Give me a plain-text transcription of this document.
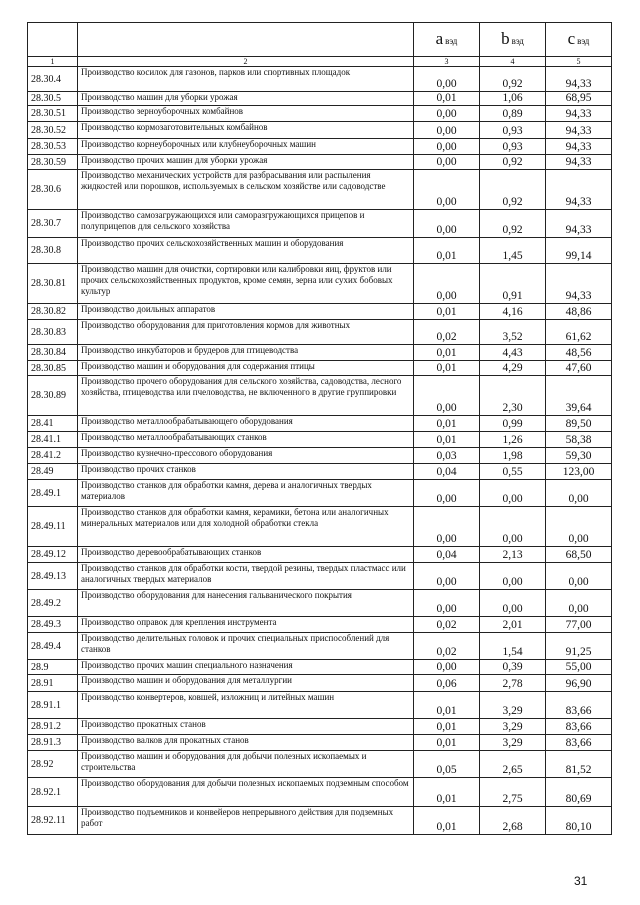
		a вэд	b вэд	c вэд
1	2	3	4	5
28.30.4	Производство косилок для газонов, парков или спортивных площадок	0,00	0,92	94,33
28.30.5	Производство машин для уборки урожая	0,01	1,06	68,95
28.30.51	Производство зерноуборочных комбайнов	0,00	0,89	94,33
28.30.52	Производство кормозаготовительных комбайнов	0,00	0,93	94,33
28.30.53	Производство корнеуборочных или клубнеуборочных машин	0,00	0,93	94,33
28.30.59	Производство прочих машин для уборки урожая	0,00	0,92	94,33
28.30.6	Производство механических устройств для разбрасывания или распыления жидкостей или порошков, используемых в сельском хозяйстве или садоводстве	0,00	0,92	94,33
28.30.7	Производство самозагружающихся или саморазгружающихся прицепов и полуприцепов для сельского хозяйства	0,00	0,92	94,33
28.30.8	Производство прочих сельскохозяйственных машин и оборудования	0,01	1,45	99,14
28.30.81	Производство машин для очистки, сортировки или калибровки яиц, фруктов или прочих сельскохозяйственных продуктов, кроме семян, зерна или сухих бобовых культур	0,00	0,91	94,33
28.30.82	Производство доильных аппаратов	0,01	4,16	48,86
28.30.83	Производство оборудования для приготовления кормов для животных	0,02	3,52	61,62
28.30.84	Производство инкубаторов и брудеров для птицеводства	0,01	4,43	48,56
28.30.85	Производство машин и оборудования для содержания птицы	0,01	4,29	47,60
28.30.89	Производство прочего оборудования для сельского хозяйства, садоводства, лесного хозяйства, птицеводства или пчеловодства, не включенного в другие группировки	0,00	2,30	39,64
28.41	Производство металлообрабатывающего оборудования	0,01	0,99	89,50
28.41.1	Производство металлообрабатывающих станков	0,01	1,26	58,38
28.41.2	Производство кузнечно-прессового оборудования	0,03	1,98	59,30
28.49	Производство прочих станков	0,04	0,55	123,00
28.49.1	Производство станков для обработки камня, дерева и аналогичных твердых материалов	0,00	0,00	0,00
28.49.11	Производство станков для обработки камня, керамики, бетона или аналогичных минеральных материалов или для холодной обработки стекла	0,00	0,00	0,00
28.49.12	Производство деревообрабатывающих станков	0,04	2,13	68,50
28.49.13	Производство станков для обработки кости, твердой резины, твердых пластмасс или аналогичных твердых материалов	0,00	0,00	0,00
28.49.2	Производство оборудования для нанесения гальванического покрытия	0,00	0,00	0,00
28.49.3	Производство оправок для крепления инструмента	0,02	2,01	77,00
28.49.4	Производство делительных головок и прочих специальных приспособлений для станков	0,02	1,54	91,25
28.9	Производство прочих машин специального назначения	0,00	0,39	55,00
28.91	Производство машин и оборудования для металлургии	0,06	2,78	96,90
28.91.1	Производство конвертеров, ковшей, изложниц и литейных машин	0,01	3,29	83,66
28.91.2	Производство прокатных станов	0,01	3,29	83,66
28.91.3	Производство валков для прокатных станов	0,01	3,29	83,66
28.92	Производство машин и оборудования для добычи полезных ископаемых и строительства	0,05	2,65	81,52
28.92.1	Производство оборудования для добычи полезных ископаемых подземным способом	0,01	2,75	80,69
28.92.11	Производство подъемников и конвейеров непрерывного действия для подземных работ	0,01	2,68	80,10
31
